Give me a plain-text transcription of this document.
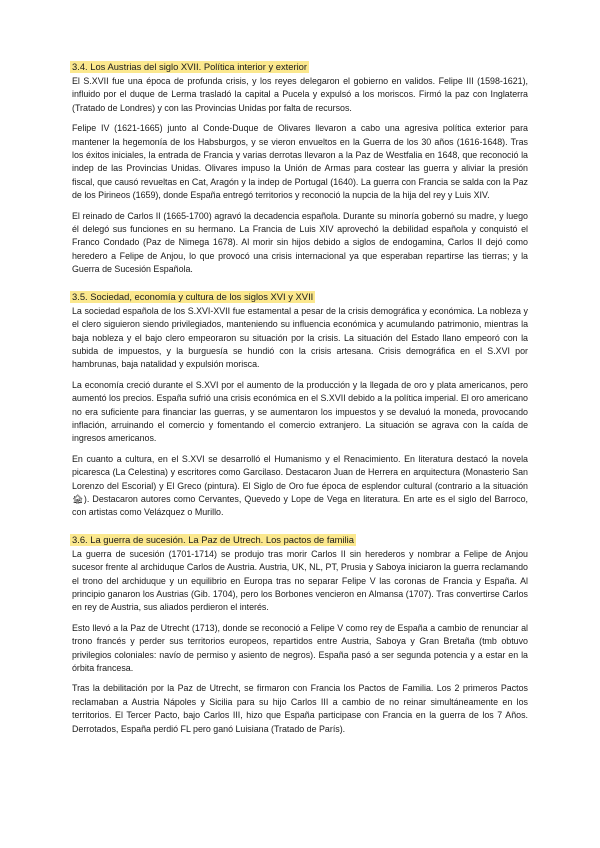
3.4. Los Austrias del siglo XVII. Política interior y exterior

El S.XVII fue una época de profunda crisis, y los reyes delegaron el gobierno en validos. Felipe III (1598-1621), influido por el duque de Lerma trasladó la capital a Pucela y expulsó a los moriscos. Firmó la paz con Inglaterra (Tratado de Londres) y con las Provincias Unidas por falta de recursos.

Felipe IV (1621-1665) junto al Conde-Duque de Olivares llevaron a cabo una agresiva política exterior para mantener la hegemonía de los Habsburgos, y se vieron envueltos en la Guerra de los 30 años (1616-1648). Tras los éxitos iniciales, la entrada de Francia y varias derrotas llevaron a la Paz de Westfalia en 1648, que reconoció la indep de las Provincias Unidas. Olivares impuso la Unión de Armas para costear las guerra y aliviar la presión fiscal, que causó revueltas en Cat, Aragón y la indep de Portugal (1640). La guerra con Francia se salda con la Paz de los Pirineos (1659), donde España entregó territorios y reconoció la nupcia de la hija del rey y Luis XIV.

El reinado de Carlos II (1665-1700) agravó la decadencia española. Durante su minoría gobernó su madre, y luego él delegó sus funciones en su hermano. La Francia de Luis XIV aprovechó la debilidad española y conquistó el Franco Condado (Paz de Nimega 1678). Al morir sin hijos debido a siglos de endogamina, Carlos II dejó como heredero a Felipe de Anjou, lo que provocó una crisis internacional ya que esperaban repartirse las tierras; y la Guerra de Sucesión Española.

3.5. Sociedad, economía y cultura de los siglos XVI y XVII

La sociedad española de los S.XVI-XVII fue estamental a pesar de la crisis demográfica y económica. La nobleza y el clero siguieron siendo privilegiados, manteniendo su influencia económica y acumulando patrimonio, mientras la baja nobleza y el bajo clero empeoraron su situación por la crisis. La situación del Estado llano empeoró con la subida de impuestos, y la burguesía se hundió con la crisis artesana. Crisis demográfica en el S.XVI por hambrunas, baja natalidad y expulsión morisca.

La economía creció durante el S.XVI por el aumento de la producción y la llegada de oro y plata americanos, pero aumentó los precios. España sufrió una crisis económica en el S.XVII debido a la política imperial. El oro americano no era suficiente para financiar las guerras, y se aumentaron los impuestos y se devaluó la moneda, provocando inflación, arruinando el comercio y fomentando el comercio extranjero. La situación se agrava con la caída de ingresos americanos.

En cuanto a cultura, en el S.XVI se desarrolló el Humanismo y el Renacimiento. En literatura destacó la novela picaresca (La Celestina) y escritores como Garcilaso. Destacaron Juan de Herrera en arquitectura (Monasterio San Lorenzo del Escorial) y El Greco (pintura). El Siglo de Oro fue época de esplendor cultural (contrario a la situación 🏚). Destacaron autores como Cervantes, Quevedo y Lope de Vega en literatura. En arte es el siglo del Barroco, con artistas como Velázquez o Murillo.

3.6. La guerra de sucesión. La Paz de Utrech. Los pactos de familia

La guerra de sucesión (1701-1714) se produjo tras morir Carlos II sin herederos y nombrar a Felipe de Anjou sucesor frente al archiduque Carlos de Austria. Austria, UK, NL, PT, Prusia y Saboya iniciaron la guerra reclamando el trono del archiduque y un equilibrio en Europa tras no separar Felipe V las coronas de Francia y España. Al principio ganaron los Austrias (Gib. 1704), pero los Borbones vencieron en Almansa (1707). Tras convertirse Carlos en rey de Austria, sus aliados perdieron el interés.

Esto llevó a la Paz de Utrecht (1713), donde se reconoció a Felipe V como rey de España a cambio de renunciar al trono francés y perder sus territorios europeos, repartidos entre Austria, Saboya y Gran Bretaña (tmb obtuvo privilegios coloniales: navío de permiso y asiento de negros). España pasó a ser segunda potencia y a estar en la órbita francesa.

Tras la debilitación por la Paz de Utrecht, se firmaron con Francia los Pactos de Familia. Los 2 primeros Pactos reclamaban a Austria Nápoles y Sicilia para su hijo Carlos III a cambio de no reinar simultáneamente en los territorios. El Tercer Pacto, bajo Carlos III, hizo que España participase con Francia en la guerra de los 7 Años. Derrotados, España perdió FL pero ganó Luisiana (Tratado de París).
